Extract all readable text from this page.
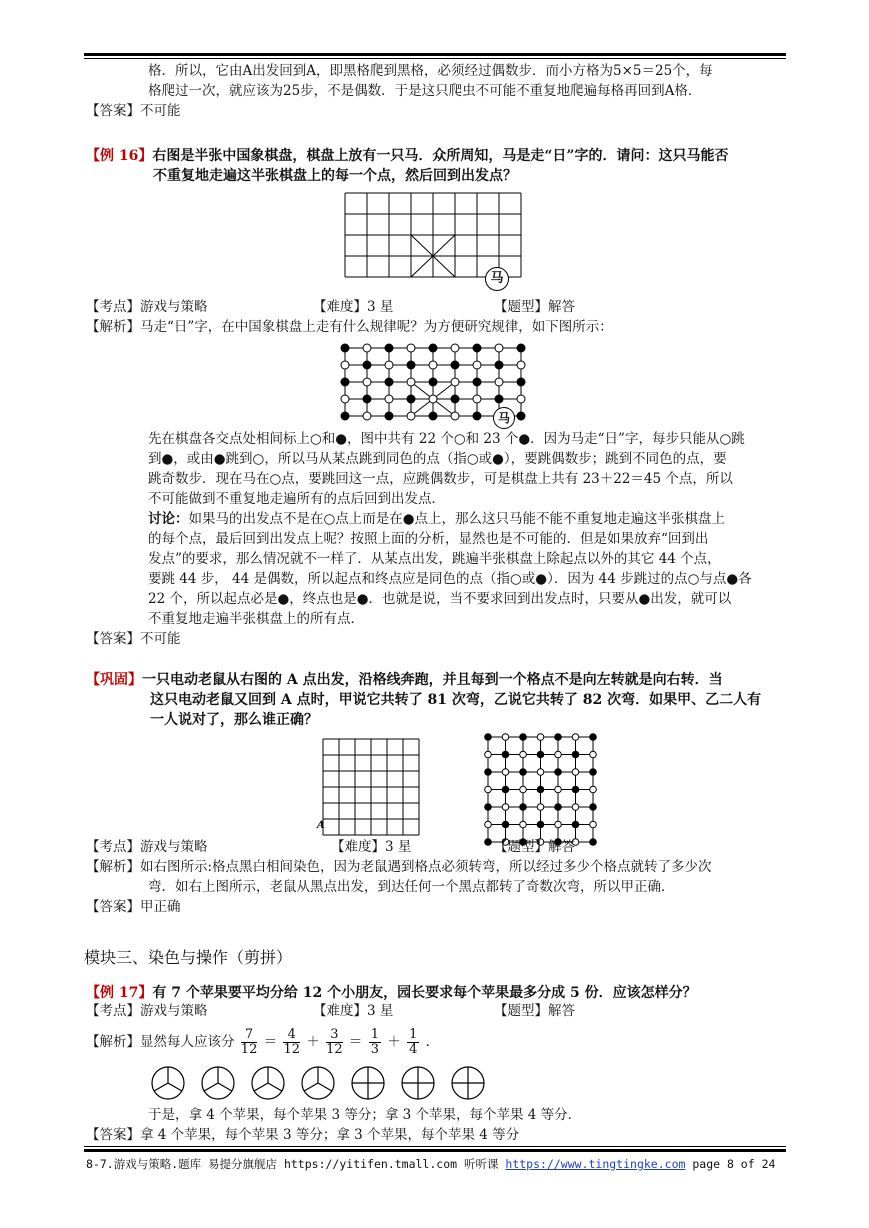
格．所以，它由A出发回到A，即黑格爬到黑格，必须经过偶数步．而小方格为5×5＝25个，每
格爬过一次，就应该为25步，不是偶数．于是这只爬虫不可能不重复地爬遍每格再回到A格．
【答案】不可能
【例 16】右图是半张中国象棋盘，棋盘上放有一只马．众所周知，马是走“日”字的．请问：这只马能否
不重复地走遍这半张棋盘上的每一个点，然后回到出发点？
马
【考点】游戏与策略	【难度】3 星	【题型】解答
【解析】马走“日”字，在中国象棋盘上走有什么规律呢？为方便研究规律，如下图所示：
马
先在棋盘各交点处相间标上○和●，图中共有 22 个○和 23 个●．因为马走“日”字，每步只能从○跳
到●，或由●跳到○，所以马从某点跳到同色的点（指○或●），要跳偶数步；跳到不同色的点，要
跳奇数步．现在马在○点，要跳回这一点，应跳偶数步，可是棋盘上共有 23＋22＝45 个点，所以
不可能做到不重复地走遍所有的点后回到出发点．
讨论：如果马的出发点不是在○点上而是在●点上，那么这只马能不能不重复地走遍这半张棋盘上
的每个点，最后回到出发点上呢？按照上面的分析，显然也是不可能的．但是如果放弃“回到出
发点”的要求，那么情况就不一样了．从某点出发，跳遍半张棋盘上除起点以外的其它 44 个点，
要跳 44 步， 44 是偶数，所以起点和终点应是同色的点（指○或●）．因为 44 步跳过的点○与点●各
22 个，所以起点必是●，终点也是●．也就是说，当不要求回到出发点时，只要从●出发，就可以
不重复地走遍半张棋盘上的所有点．
【答案】不可能
【巩固】一只电动老鼠从右图的 A 点出发，沿格线奔跑，并且每到一个格点不是向左转就是向右转．当
这只电动老鼠又回到 A 点时，甲说它共转了 81 次弯，乙说它共转了 82 次弯．如果甲、乙二人有
一人说对了，那么谁正确？
A
【考点】游戏与策略	【难度】3 星	【题型】解答
【解析】如右图所示:格点黑白相间染色，因为老鼠遇到格点必须转弯，所以经过多少个格点就转了多少次
弯．如右上图所示，老鼠从黑点出发，到达任何一个黑点都转了奇数次弯，所以甲正确．
【答案】甲正确
模块三、染色与操作（剪拼）
【例 17】有 7 个苹果要平均分给 12 个小朋友，园长要求每个苹果最多分成 5 份．应该怎样分？
【考点】游戏与策略	【难度】3 星	【题型】解答
【解析】显然每人应该分 $\frac{7}{12} = \frac{4}{12} + \frac{3}{12} = \frac{1}{3} + \frac{1}{4}$ ．
于是，拿 4 个苹果，每个苹果 3 等分；拿 3 个苹果，每个苹果 4 等分．
【答案】拿 4 个苹果，每个苹果 3 等分；拿 3 个苹果，每个苹果 4 等分
8-7.游戏与策略.题库 易提分旗舰店 https://yitifen.tmall.com 听听课 https://www.tingtingke.com page 8 of 24
